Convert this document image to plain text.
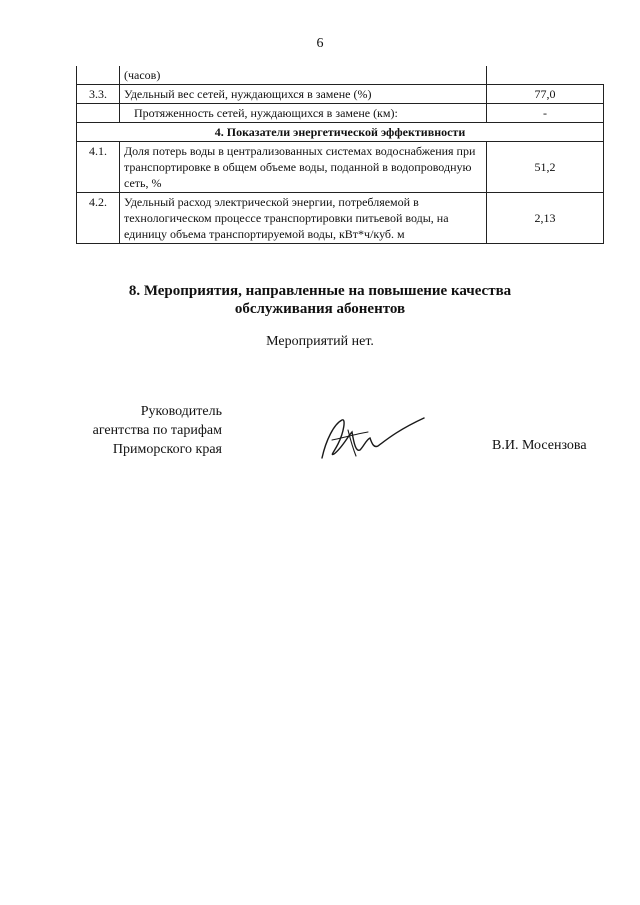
6
	(часов)	
3.3.	Удельный вес сетей, нуждающихся в замене (%)	77,0
	Протяженность сетей, нуждающихся в замене (км):	-
4. Показатели энергетической эффективности		
4.1.	Доля потерь воды в централизованных системах водоснабжения при транспортировке в общем объеме воды, поданной в водопроводную сеть, %	51,2
4.2.	Удельный расход электрической энергии, потребляемой в технологическом процессе транспортировки питьевой воды, на единицу объема транспортируемой воды, кВт*ч/куб. м	2,13
8. Мероприятия, направленные на повышение качества
обслуживания абонентов
Мероприятий нет.
Руководитель
агентства по тарифам
Приморского края	В.И. Мосензова
